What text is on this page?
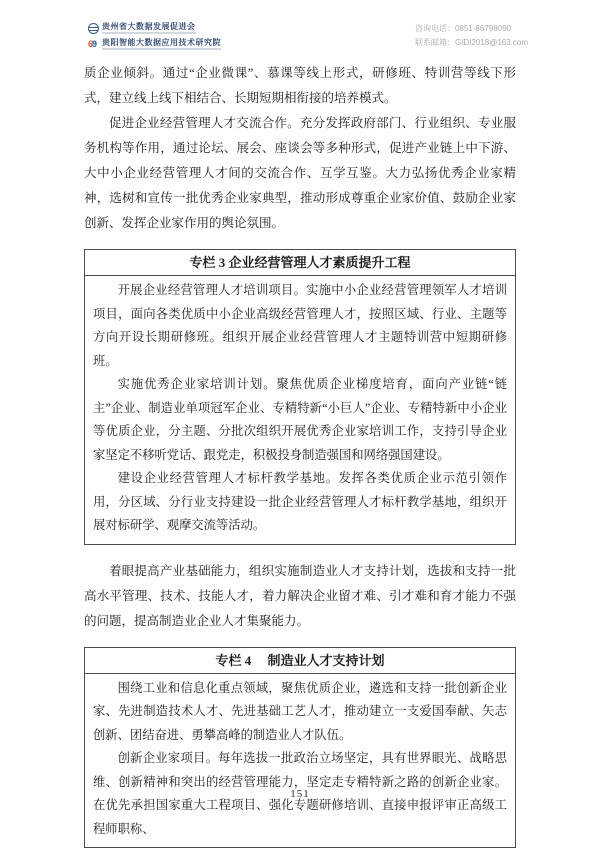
贵州省大数据发展促进会
69 贵阳智能大数据应用技术研究院
咨询电话：0851-86798090
联系邮箱：GIDI2018@163.com

质企业倾斜。通过“企业微课”、慕课等线上形式，研修班、特训营等线下形式，建立线上线下相结合、长期短期相衔接的培养模式。

促进企业经营管理人才交流合作。充分发挥政府部门、行业组织、专业服务机构等作用，通过论坛、展会、座谈会等多种形式，促进产业链上中下游、大中小企业经营管理人才间的交流合作、互学互鉴。大力弘扬优秀企业家精神，选树和宣传一批优秀企业家典型，推动形成尊重企业家价值、鼓励企业家创新、发挥企业家作用的舆论氛围。

专栏 3 企业经营管理人才素质提升工程

开展企业经营管理人才培训项目。实施中小企业经营管理领军人才培训项目，面向各类优质中小企业高级经营管理人才，按照区域、行业、主题等方向开设长期研修班。组织开展企业经营管理人才主题特训营中短期研修班。

实施优秀企业家培训计划。聚焦优质企业梯度培育，面向产业链“链主”企业、制造业单项冠军企业、专精特新“小巨人”企业、专精特新中小企业等优质企业，分主题、分批次组织开展优秀企业家培训工作，支持引导企业家坚定不移听党话、跟党走，积极投身制造强国和网络强国建设。

建设企业经营管理人才标杆教学基地。发挥各类优质企业示范引领作用，分区域、分行业支持建设一批企业经营管理人才标杆教学基地，组织开展对标研学、观摩交流等活动。

着眼提高产业基础能力，组织实施制造业人才支持计划，选拔和支持一批高水平管理、技术、技能人才，着力解决企业留才难、引才难和育才能力不强的问题，提高制造业企业人才集聚能力。

专栏 4　 制造业人才支持计划

围绕工业和信息化重点领域，聚焦优质企业，遴选和支持一批创新企业家、先进制造技术人才、先进基础工艺人才，推动建立一支爱国奉献、矢志创新、团结奋进、勇攀高峰的制造业人才队伍。

创新企业家项目。每年选拔一批政治立场坚定，具有世界眼光、战略思维、创新精神和突出的经营管理能力，坚定走专精特新之路的创新企业家。在优先承担国家重大工程项目、强化专题研修培训、直接申报评审正高级工程师职称、

151
